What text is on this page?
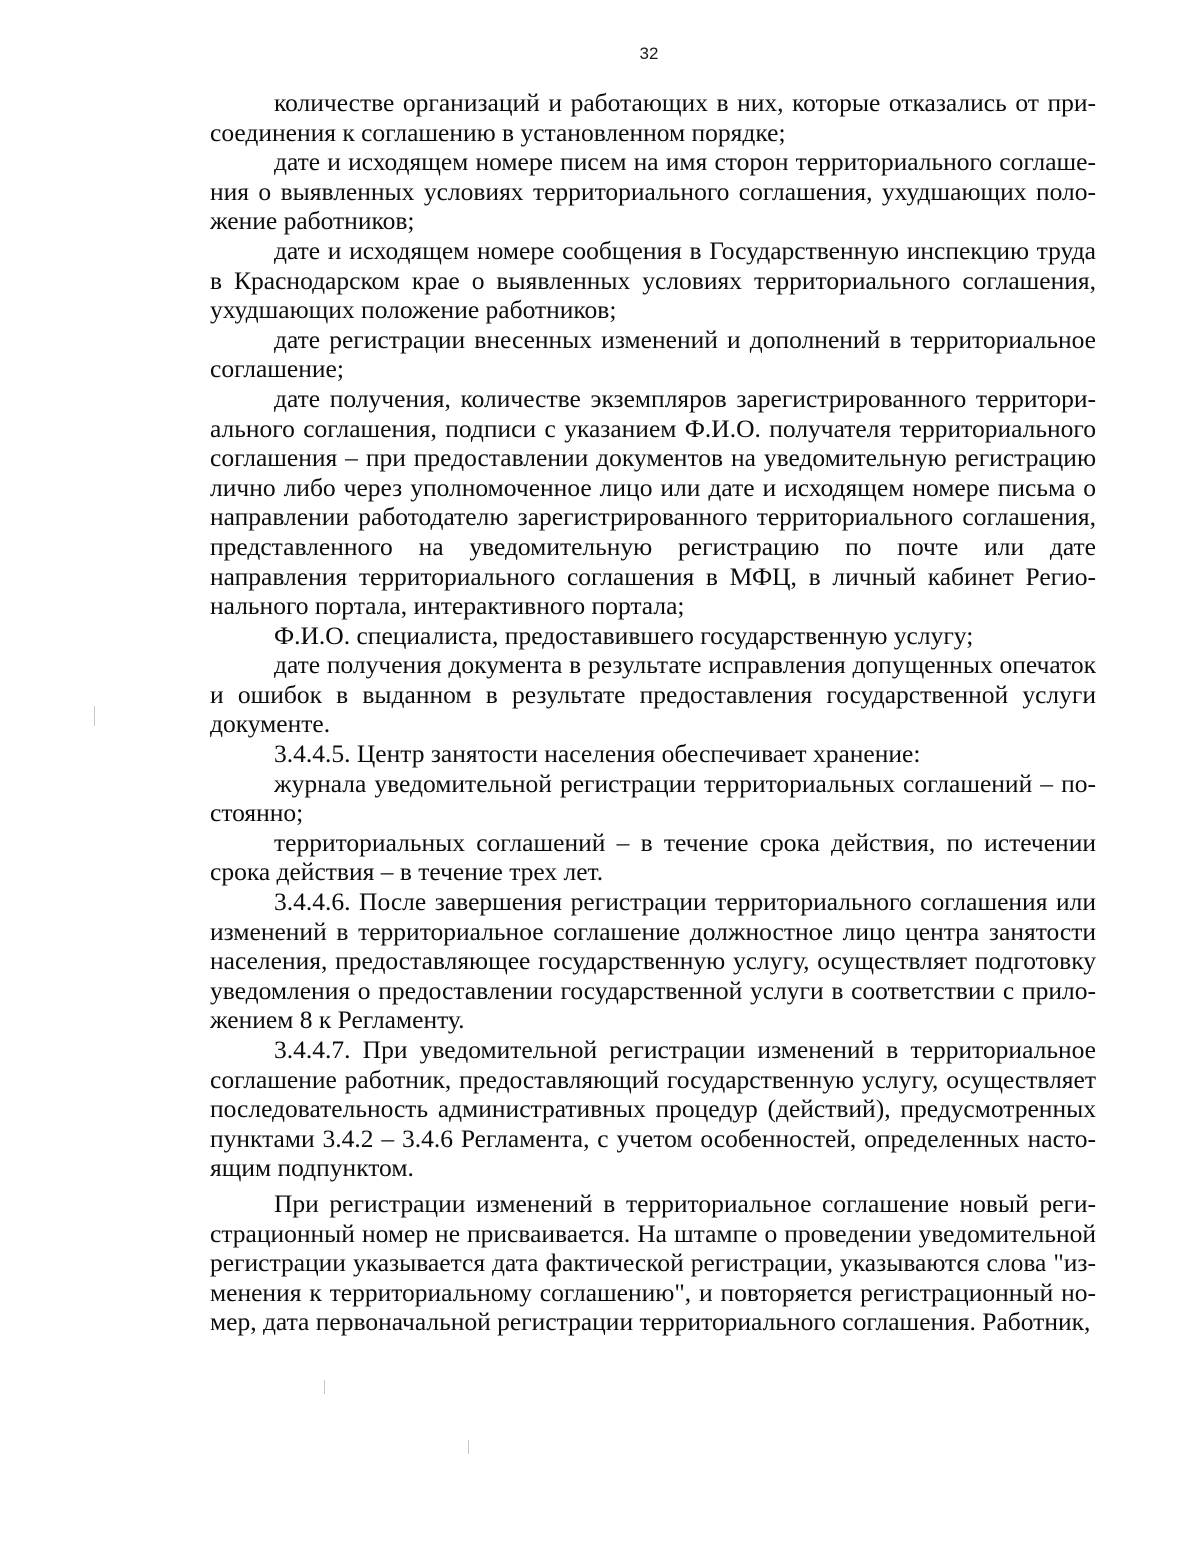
32

количестве организаций и работающих в них, которые отказались от присоединения к соглашению в установленном порядке;

дате и исходящем номере писем на имя сторон территориального соглашения о выявленных условиях территориального соглашения, ухудшающих положение работников;

дате и исходящем номере сообщения в Государственную инспекцию труда в Краснодарском крае о выявленных условиях территориального соглашения, ухудшающих положение работников;

дате регистрации внесенных изменений и дополнений в территориальное соглашение;

дате получения, количестве экземпляров зарегистрированного территориального соглашения, подписи с указанием Ф.И.О. получателя территориального соглашения – при предоставлении документов на уведомительную регистрацию лично либо через уполномоченное лицо или дате и исходящем номере письма о направлении работодателю зарегистрированного территориального соглашения, представленного на уведомительную регистрацию по почте или дате направления территориального соглашения в МФЦ, в личный кабинет Регионального портала, интерактивного портала;

Ф.И.О. специалиста, предоставившего государственную услугу;

дате получения документа в результате исправления допущенных опечаток и ошибок в выданном в результате предоставления государственной услуги документе.

3.4.4.5. Центр занятости населения обеспечивает хранение:

журнала уведомительной регистрации территориальных соглашений – постоянно;

территориальных соглашений – в течение срока действия, по истечении срока действия – в течение трех лет.

3.4.4.6. После завершения регистрации территориального соглашения или изменений в территориальное соглашение должностное лицо центра занятости населения, предоставляющее государственную услугу, осуществляет подготовку уведомления о предоставлении государственной услуги в соответствии с приложением 8 к Регламенту.

3.4.4.7. При уведомительной регистрации изменений в территориальное соглашение работник, предоставляющий государственную услугу, осуществляет последовательность административных процедур (действий), предусмотренных пунктами 3.4.2 – 3.4.6 Регламента, с учетом особенностей, определенных настоящим подпунктом.

При регистрации изменений в территориальное соглашение новый регистрационный номер не присваивается. На штампе о проведении уведомительной регистрации указывается дата фактической регистрации, указываются слова "изменения к территориальному соглашению", и повторяется регистрационный номер, дата первоначальной регистрации территориального соглашения. Работник,
